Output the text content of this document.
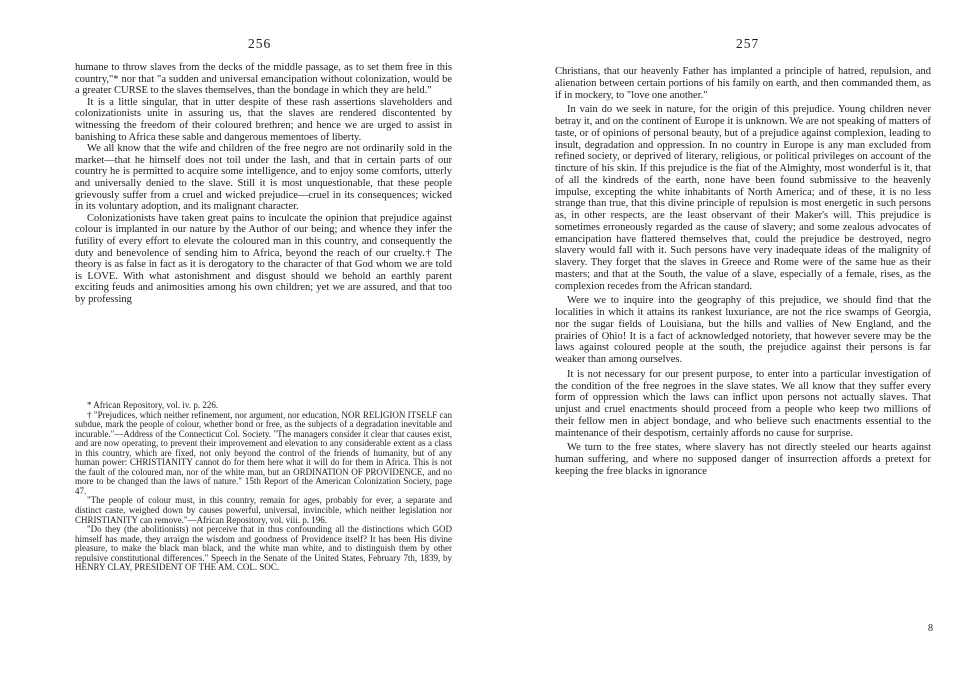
256

humane to throw slaves from the decks of the middle passage, as to set them free in this country,"* nor that "a sudden and universal emancipation without colonization, would be a greater CURSE to the slaves themselves, than the bondage in which they are held."

It is a little singular, that in utter despite of these rash assertions slaveholders and colonizationists unite in assuring us, that the slaves are rendered discontented by witnessing the freedom of their coloured brethren; and hence we are urged to assist in banishing to Africa these sable and dangerous mementoes of liberty.

We all know that the wife and children of the free negro are not ordinarily sold in the market—that he himself does not toil under the lash, and that in certain parts of our country he is permitted to acquire some intelligence, and to enjoy some comforts, utterly and universally denied to the slave. Still it is most unquestionable, that these people grievously suffer from a cruel and wicked prejudice—cruel in its consequences; wicked in its voluntary adoption, and its malignant character.

Colonizationists have taken great pains to inculcate the opinion that prejudice against colour is implanted in our nature by the Author of our being; and whence they infer the futility of every effort to elevate the coloured man in this country, and consequently the duty and benevolence of sending him to Africa, beyond the reach of our cruelty.† The theory is as false in fact as it is derogatory to the character of that God whom we are told is LOVE. With what astonishment and disgust should we behold an earthly parent exciting feuds and animosities among his own children; yet we are assured, and that too by professing

* African Repository, vol. iv. p. 226.

† "Prejudices, which neither refinement, nor argument, nor education, NOR RELIGION ITSELF can subdue, mark the people of colour, whether bond or free, as the subjects of a degradation inevitable and incurable."—Address of the Connecticut Col. Society. "The managers consider it clear that causes exist, and are now operating, to prevent their improvement and elevation to any considerable extent as a class in this country, which are fixed, not only beyond the control of the friends of humanity, but of any human power: CHRISTIANITY cannot do for them here what it will do for them in Africa. This is not the fault of the coloured man, nor of the white man, but an ORDINATION OF PROVIDENCE, and no more to be changed than the laws of nature." 15th Report of the American Colonization Society, page 47.

"The people of colour must, in this country, remain for ages, probably for ever, a separate and distinct caste, weighed down by causes powerful, universal, invincible, which neither legislation nor CHRISTIANITY can remove."—African Repository, vol. viii. p. 196.

"Do they (the abolitionists) not perceive that in thus confounding all the distinctions which GOD himself has made, they arraign the wisdom and goodness of Providence itself? It has been His divine pleasure, to make the black man black, and the white man white, and to distinguish them by other repulsive constitutional differences." Speech in the Senate of the United States, February 7th, 1839, by HENRY CLAY, PRESIDENT OF THE AM. COL. SOC.

257

Christians, that our heavenly Father has implanted a principle of hatred, repulsion, and alienation between certain portions of his family on earth, and then commanded them, as if in mockery, to "love one another."

In vain do we seek in nature, for the origin of this prejudice. Young children never betray it, and on the continent of Europe it is unknown. We are not speaking of matters of taste, or of opinions of personal beauty, but of a prejudice against complexion, leading to insult, degradation and oppression. In no country in Europe is any man excluded from refined society, or deprived of literary, religious, or political privileges on account of the tincture of his skin. If this prejudice is the fiat of the Almighty, most wonderful is it, that of all the kindreds of the earth, none have been found submissive to the heavenly impulse, excepting the white inhabitants of North America; and of these, it is no less strange than true, that this divine principle of repulsion is most energetic in such persons as, in other respects, are the least observant of their Maker's will. This prejudice is sometimes erroneously regarded as the cause of slavery; and some zealous advocates of emancipation have flattered themselves that, could the prejudice be destroyed, negro slavery would fall with it. Such persons have very inadequate ideas of the malignity of slavery. They forget that the slaves in Greece and Rome were of the same hue as their masters; and that at the South, the value of a slave, especially of a female, rises, as the complexion recedes from the African standard.

Were we to inquire into the geography of this prejudice, we should find that the localities in which it attains its rankest luxuriance, are not the rice swamps of Georgia, nor the sugar fields of Louisiana, but the hills and vallies of New England, and the prairies of Ohio! It is a fact of acknowledged notoriety, that however severe may be the laws against coloured people at the south, the prejudice against their persons is far weaker than among ourselves.

It is not necessary for our present purpose, to enter into a particular investigation of the condition of the free negroes in the slave states. We all know that they suffer every form of oppression which the laws can inflict upon persons not actually slaves. That unjust and cruel enactments should proceed from a people who keep two millions of their fellow men in abject bondage, and who believe such enactments essential to the maintenance of their despotism, certainly affords no cause for surprise.

We turn to the free states, where slavery has not directly steeled our hearts against human suffering, and where no supposed danger of insurrection affords a pretext for keeping the free blacks in ignorance

8
